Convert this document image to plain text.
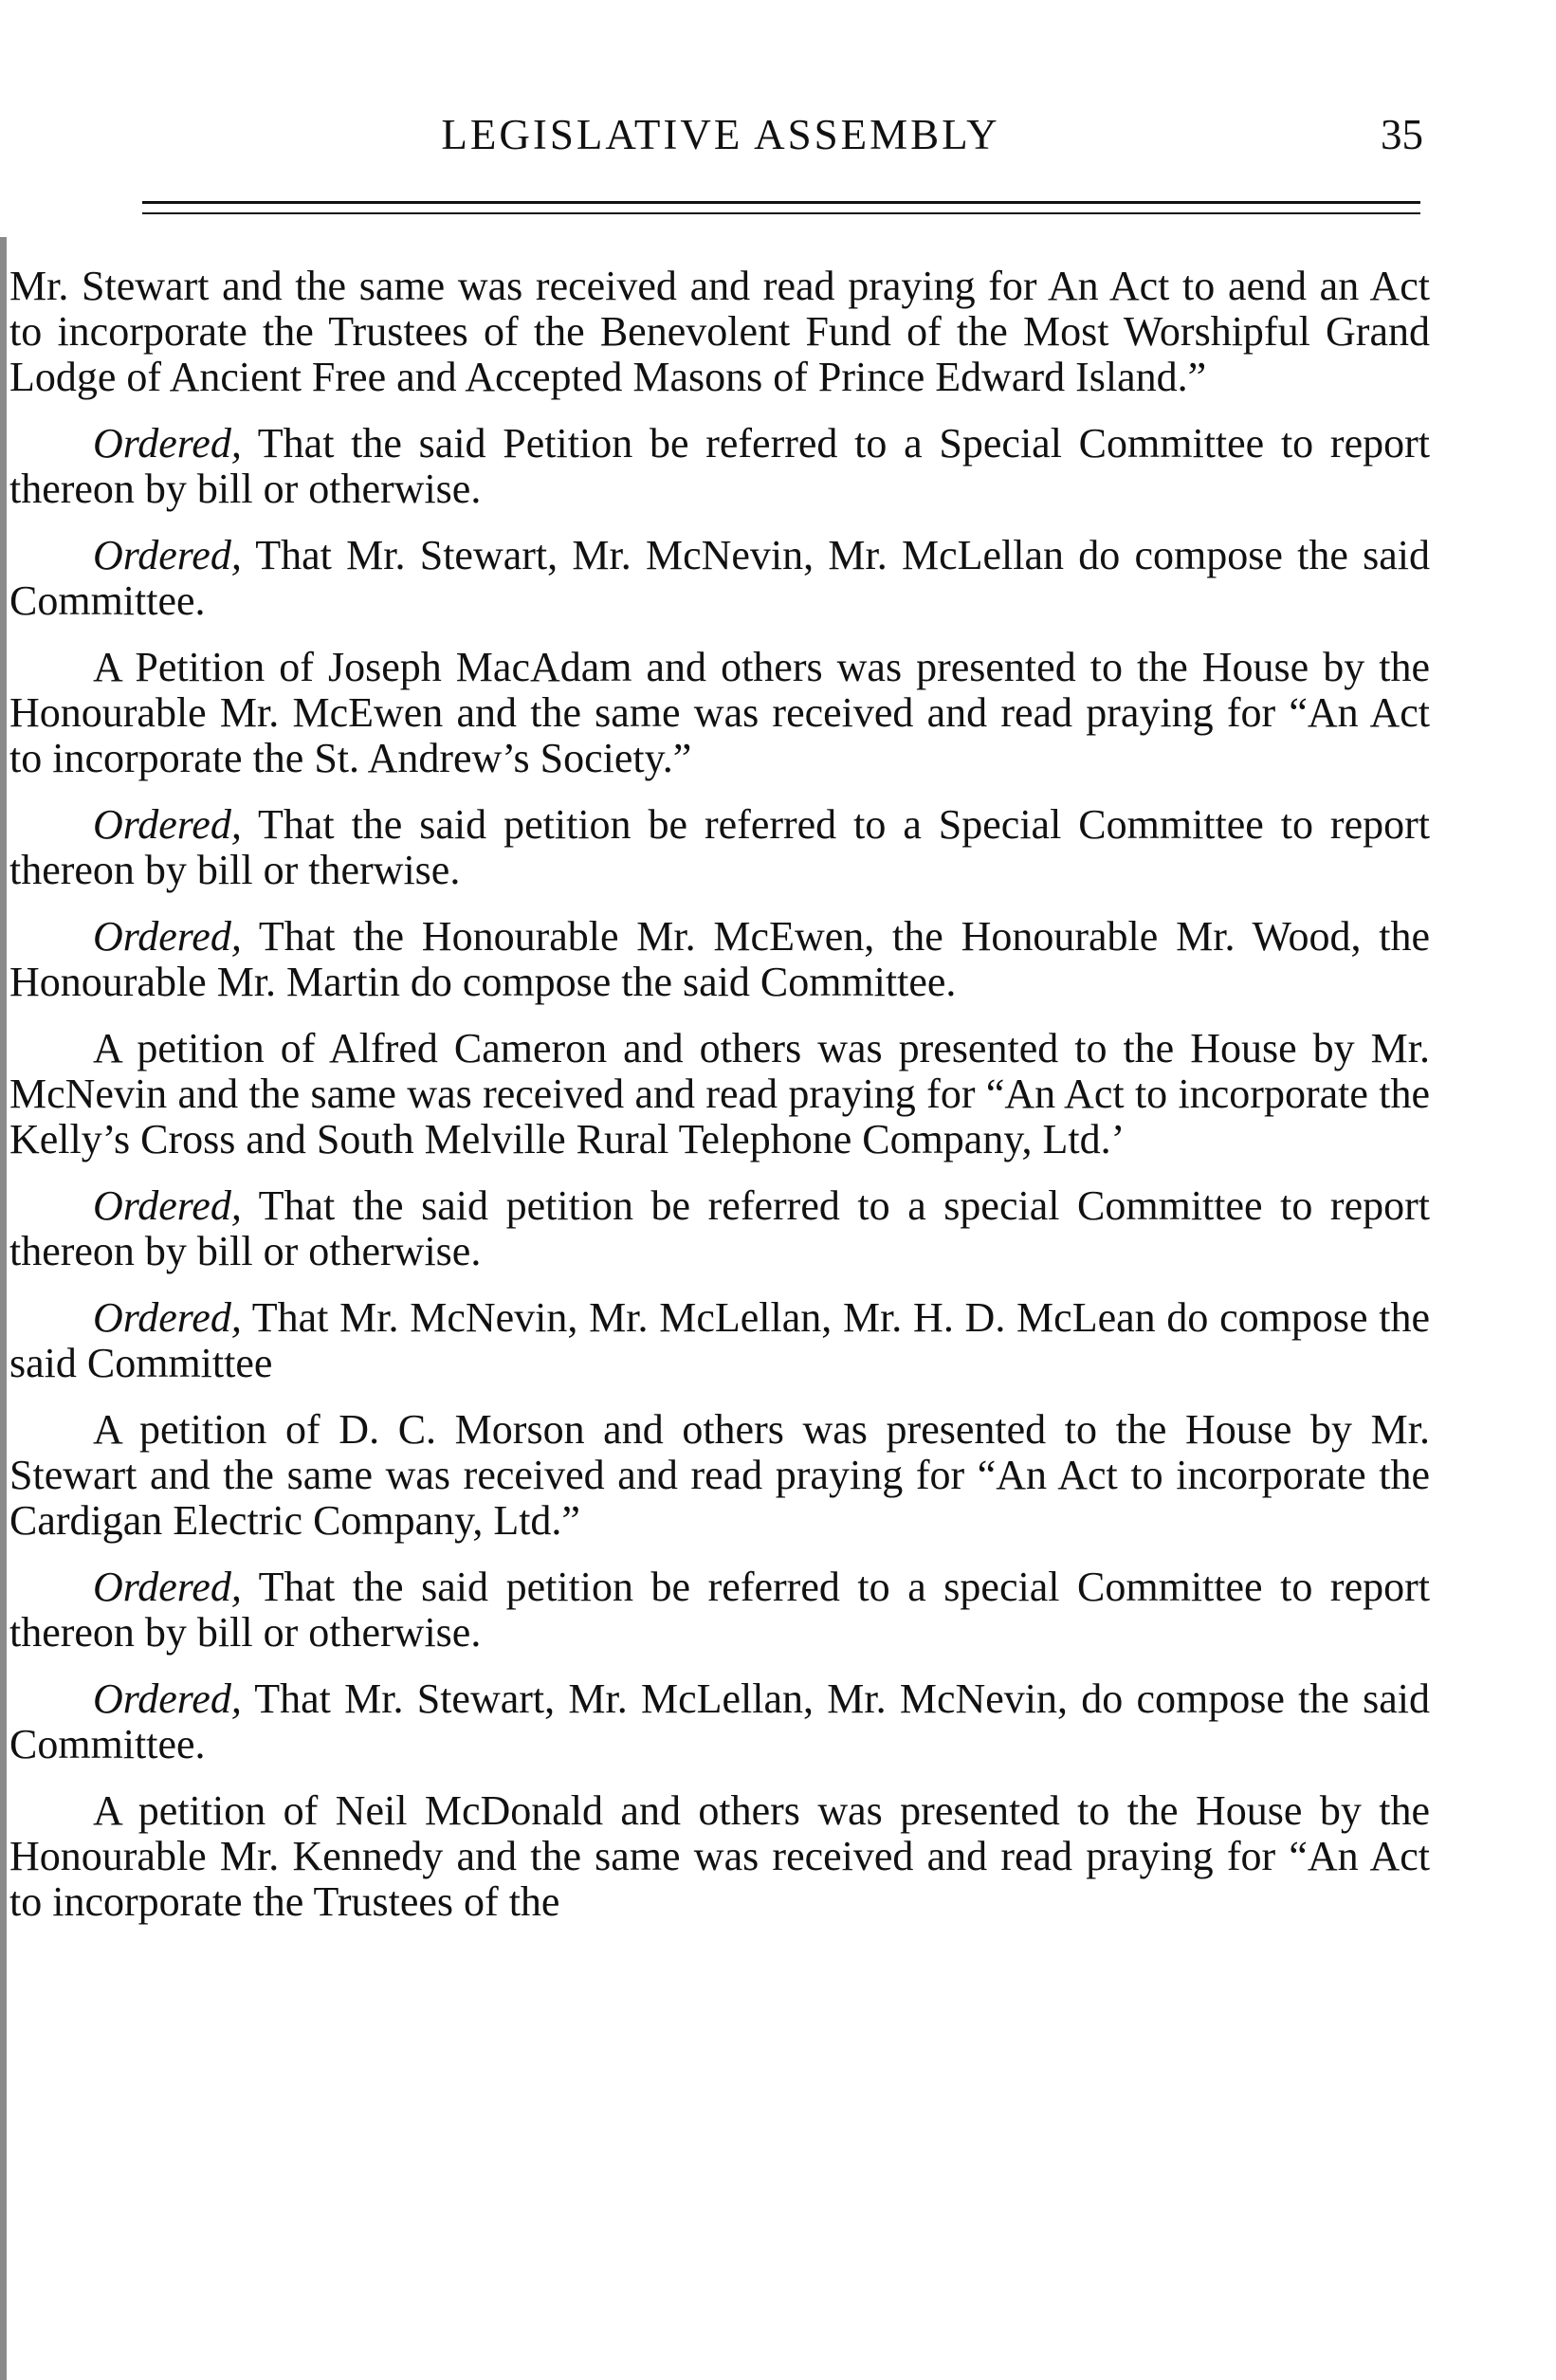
LEGISLATIVE ASSEMBLY	35

Mr. Stewart and the same was received and read praying for An Act to aend an Act to incorporate the Trustees of the Benevolent Fund of the Most Worshipful Grand Lodge of Ancient Free and Accepted Masons of Prince Edward Island.”

Ordered, That the said Petition be referred to a Special Committee to report thereon by bill or otherwise.

Ordered, That Mr. Stewart, Mr. McNevin, Mr. McLellan do compose the said Committee.

A Petition of Joseph MacAdam and others was presented to the House by the Honourable Mr. McEwen and the same was received and read praying for “An Act to incorporate the St. Andrew’s Society.”

Ordered, That the said petition be referred to a Special Committee to report thereon by bill or therwise.

Ordered, That the Honourable Mr. McEwen, the Honourable Mr. Wood, the Honourable Mr. Martin do compose the said Committee.

A petition of Alfred Cameron and others was presented to the House by Mr. McNevin and the same was received and read praying for “An Act to incorporate the Kelly’s Cross and South Melville Rural Telephone Company, Ltd.’

Ordered, That the said petition be referred to a special Committee to report thereon by bill or otherwise.

Ordered, That Mr. McNevin, Mr. McLellan, Mr. H. D. McLean do compose the said Committee

A petition of D. C. Morson and others was presented to the House by Mr. Stewart and the same was received and read praying for “An Act to incorporate the Cardigan Electric Company, Ltd.”

Ordered, That the said petition be referred to a special Committee to report thereon by bill or otherwise.

Ordered, That Mr. Stewart, Mr. McLellan, Mr. McNevin, do compose the said Committee.

A petition of Neil McDonald and others was presented to the House by the Honourable Mr. Kennedy and the same was received and read praying for “An Act to incorporate the Trustees of the
